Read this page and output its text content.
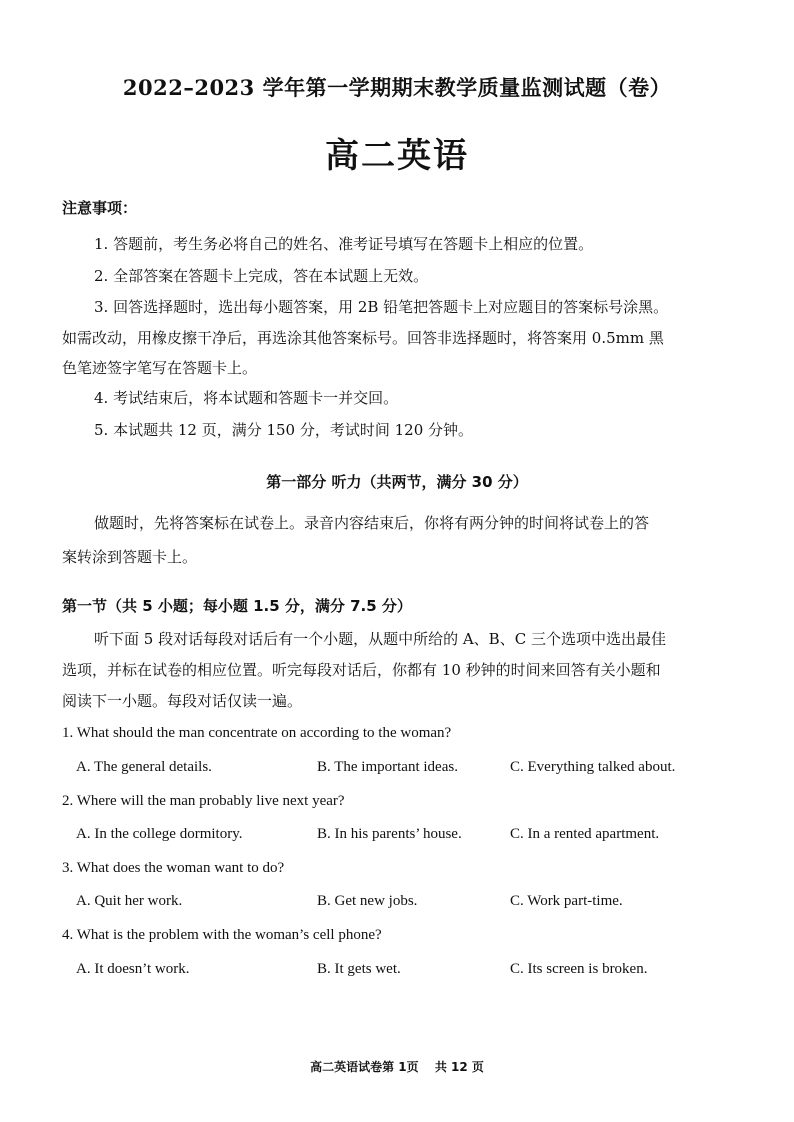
2022–2023 学年第一学期期末教学质量监测试题（卷）
高二英语
注意事项：
1. 答题前，考生务必将自己的姓名、准考证号填写在答题卡上相应的位置。
2. 全部答案在答题卡上完成，答在本试题上无效。
3. 回答选择题时，选出每小题答案，用 2B 铅笔把答题卡上对应题目的答案标号涂黑。
如需改动，用橡皮擦干净后，再选涂其他答案标号。回答非选择题时，将答案用 0.5mm 黑
色笔迹签字笔写在答题卡上。
4. 考试结束后，将本试题和答题卡一并交回。
5. 本试题共 12 页，满分 150 分，考试时间 120 分钟。
第一部分 听力（共两节，满分 30 分）
做题时，先将答案标在试卷上。录音内容结束后，你将有两分钟的时间将试卷上的答
案转涂到答题卡上。
第一节（共 5 小题；每小题 1.5 分，满分 7.5 分）
听下面 5 段对话每段对话后有一个小题，从题中所给的 A、B、C 三个选项中选出最佳
选项，并标在试卷的相应位置。听完每段对话后，你都有 10 秒钟的时间来回答有关小题和
阅读下一小题。每段对话仅读一遍。
1. What should the man concentrate on according to the woman?
A. The general details.	B. The important ideas.	C. Everything talked about.
2. Where will the man probably live next year?
A. In the college dormitory.	B. In his parents’ house.	C. In a rented apartment.
3. What does the woman want to do?
A. Quit her work.	B. Get new jobs.	C. Work part-time.
4. What is the problem with the woman’s cell phone?
A. It doesn’t work.	B. It gets wet.	C. Its screen is broken.
高二英语试卷第 1页 共 12 页
